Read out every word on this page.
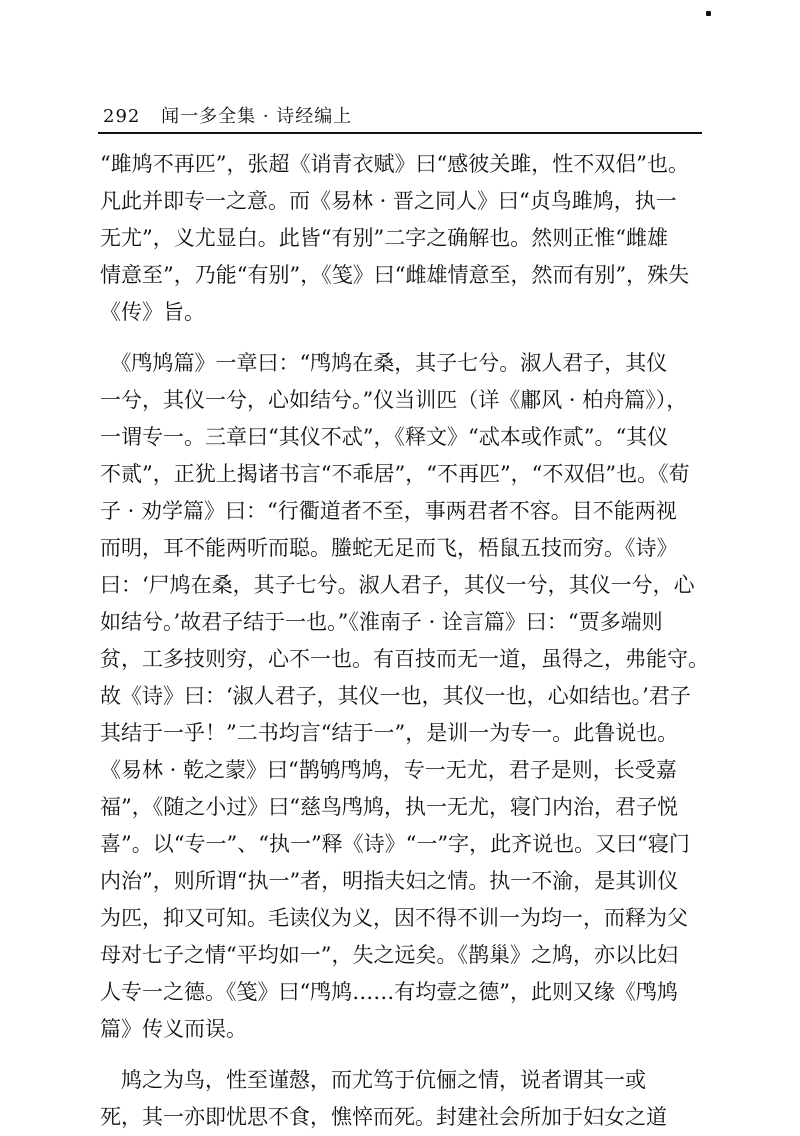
292 闻一多全集 · 诗经编上
“雎鸠不再匹”，张超《诮青衣赋》曰“感彼关雎，性不双侣”也。
凡此并即专一之意。而《易林 · 晋之同人》曰“贞鸟雎鸠，执一
无尤”，义尤显白。此皆“有别”二字之确解也。然则正惟“雌雄
情意至”，乃能“有别”，《笺》曰“雌雄情意至，然而有别”，殊失
《传》旨。
　《鸤鸠篇》一章曰：“鸤鸠在桑，其子七兮。淑人君子，其仪
一兮，其仪一兮，心如结兮。”仪当训匹（详《鄘风 · 柏舟篇》），
一谓专一。三章曰“其仪不忒”，《释文》“忒本或作贰”。“其仪
不贰”，正犹上揭诸书言“不乖居”，“不再匹”，“不双侣”也。《荀
子 · 劝学篇》曰：“行衢道者不至，事两君者不容。目不能两视
而明，耳不能两听而聪。螣蛇无足而飞，梧鼠五技而穷。《诗》
曰：‘尸鸠在桑，其子七兮。淑人君子，其仪一兮，其仪一兮，心
如结兮。’故君子结于一也。”《淮南子 · 诠言篇》曰：“贾多端则
贫，工多技则穷，心不一也。有百技而无一道，虽得之，弗能守。
故《诗》曰：‘淑人君子，其仪一也，其仪一也，心如结也。’君子
其结于一乎！”二书均言“结于一”，是训一为专一。此鲁说也。
《易林 · 乾之蒙》曰“鹊鸲鸤鸠，专一无尤，君子是则，长受嘉
福”，《随之小过》曰“慈鸟鸤鸠，执一无尤，寝门内治，君子悦
喜”。以“专一”、“执一”释《诗》“一”字，此齐说也。又曰“寝门
内治”，则所谓“执一”者，明指夫妇之情。执一不渝，是其训仪
为匹，抑又可知。毛读仪为义，因不得不训一为均一，而释为父
母对七子之情“平均如一”，失之远矣。《鹊巢》之鸠，亦以比妇
人专一之德。《笺》曰“鸤鸠……有均壹之德”，此则又缘《鸤鸠
篇》传义而误。
　鸠之为鸟，性至谨慤，而尤笃于伉俪之情，说者谓其一或
死，其一亦即忧思不食，憔悴而死。封建社会所加于妇女之道
